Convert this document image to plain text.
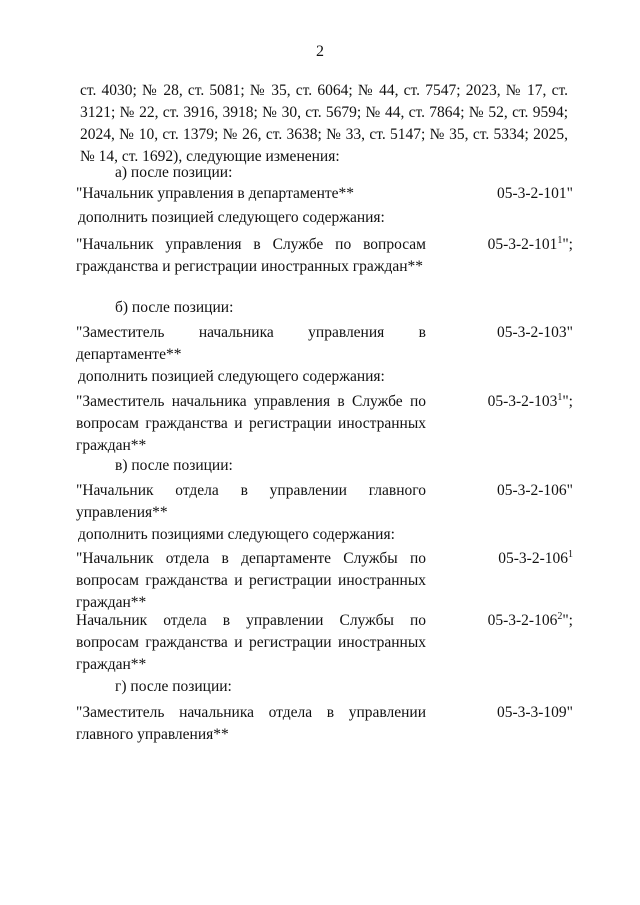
2
ст. 4030; № 28, ст. 5081; № 35, ст. 6064; № 44, ст. 7547; 2023, № 17, ст. 3121; № 22, ст. 3916, 3918; № 30, ст. 5679; № 44, ст. 7864; № 52, ст. 9594; 2024, № 10, ст. 1379; № 26, ст. 3638; № 33, ст. 5147; № 35, ст. 5334; 2025, № 14, ст. 1692), следующие изменения:
а) после позиции:
"Начальник управления в департаменте**	05-3-2-101"
дополнить позицией следующего содержания:
"Начальник управления в Службе по вопросам гражданства и регистрации иностранных граждан**
$05-3-2-101^1$";
б) после позиции:
"Заместитель начальника управления в департаменте**
05-3-2-103"
дополнить позицией следующего содержания:
"Заместитель начальника управления в Службе по вопросам гражданства и регистрации иностранных граждан**
$05-3-2-103^1$";
в) после позиции:
"Начальник отдела в управлении главного управления**
05-3-2-106"
дополнить позициями следующего содержания:
"Начальник отдела в департаменте Службы по вопросам гражданства и регистрации иностранных граждан**
$05-3-2-106^1$
Начальник отдела в управлении Службы по вопросам гражданства и регистрации иностранных граждан**
$05-3-2-106^2$";
г) после позиции:
"Заместитель начальника отдела в управлении главного управления**
05-3-3-109"
